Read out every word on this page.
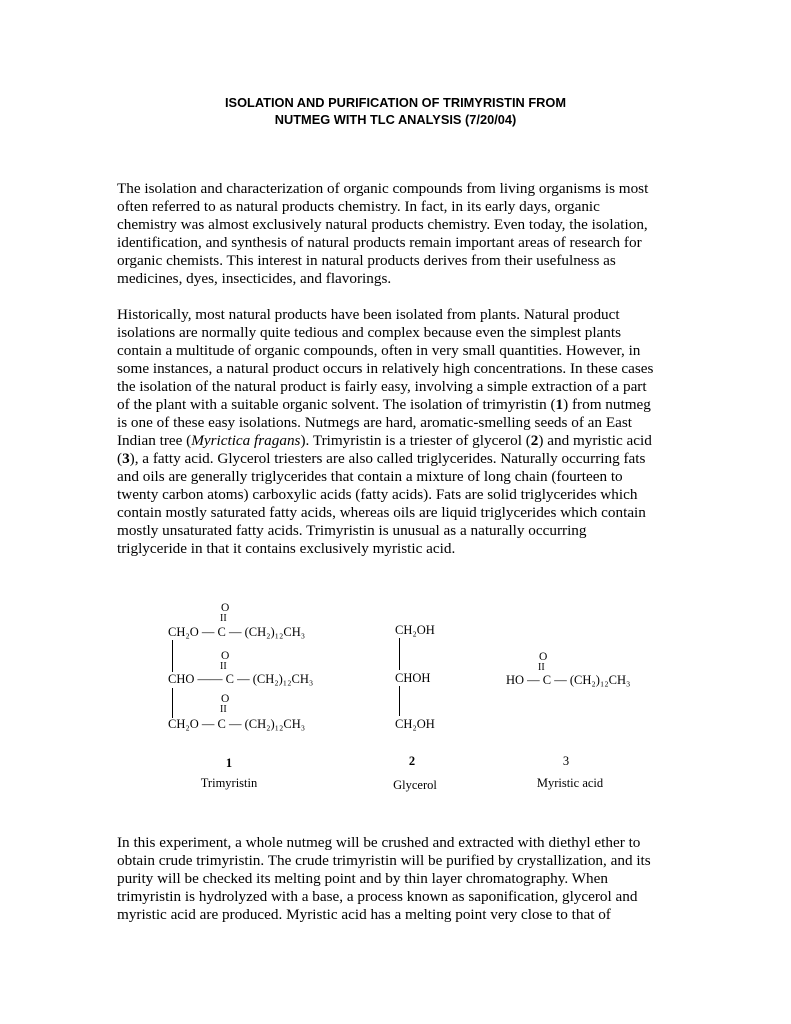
ISOLATION AND PURIFICATION OF TRIMYRISTIN FROM
NUTMEG WITH TLC ANALYSIS (7/20/04)
The isolation and characterization of organic compounds from living organisms is most
often referred to as natural products chemistry. In fact, in its early days, organic
chemistry was almost exclusively natural products chemistry. Even today, the isolation,
identification, and synthesis of natural products remain important areas of research for
organic chemists. This interest in natural products derives from their usefulness as
medicines, dyes, insecticides, and flavorings.
Historically, most natural products have been isolated from plants. Natural product
isolations are normally quite tedious and complex because even the simplest plants
contain a multitude of organic compounds, often in very small quantities. However, in
some instances, a natural product occurs in relatively high concentrations. In these cases
the isolation of the natural product is fairly easy, involving a simple extraction of a part
of the plant with a suitable organic solvent. The isolation of trimyristin (1) from nutmeg
is one of these easy isolations. Nutmegs are hard, aromatic-smelling seeds of an East
Indian tree (Myrictica fragans). Trimyristin is a triester of glycerol (2) and myristic acid
(3), a fatty acid. Glycerol triesters are also called triglycerides. Naturally occurring fats
and oils are generally triglycerides that contain a mixture of long chain (fourteen to
twenty carbon atoms) carboxylic acids (fatty acids). Fats are solid triglycerides which
contain mostly saturated fatty acids, whereas oils are liquid triglycerides which contain
mostly unsaturated fatty acids. Trimyristin is unusual as a naturally occurring
triglyceride in that it contains exclusively myristic acid.
O
II
CH₂O — C — (CH₂)₁₂CH₃
O
II
CHO —— C — (CH₂)₁₂CH₃
O
II
CH₂O — C — (CH₂)₁₂CH₃
CH₂OH
CHOH
CH₂OH
O
II
HO — C — (CH₂)₁₂CH₃
1
Trimyristin
2
Glycerol
3
Myristic acid
In this experiment, a whole nutmeg will be crushed and extracted with diethyl ether to
obtain crude trimyristin. The crude trimyristin will be purified by crystallization, and its
purity will be checked its melting point and by thin layer chromatography. When
trimyristin is hydrolyzed with a base, a process known as saponification, glycerol and
myristic acid are produced. Myristic acid has a melting point very close to that of
